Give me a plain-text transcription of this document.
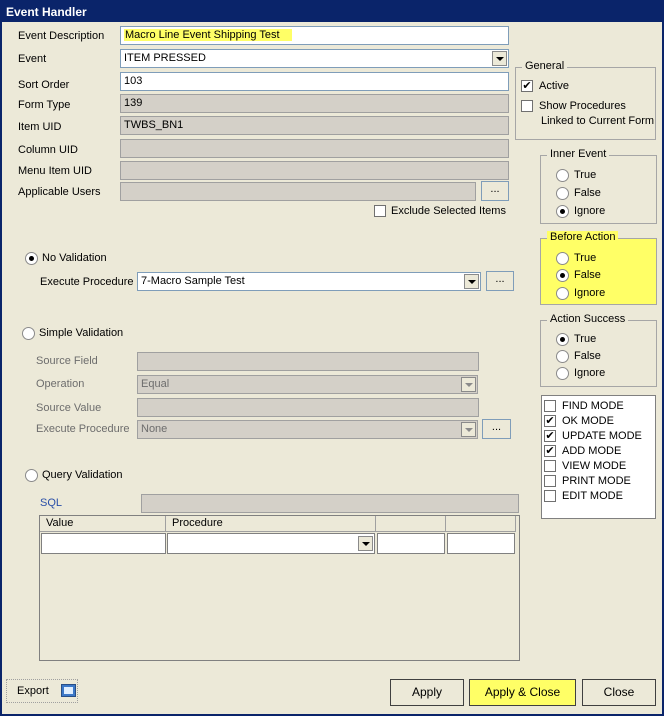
Event Handler
Event Description	Macro Line Event Shipping Test
Event	ITEM PRESSED
Sort Order	103
Form Type	139
Item UID	TWBS_BN1
Column UID
Menu Item UID
Applicable Users	...
Exclude Selected Items
General
✔ Active
Show Procedures
Linked to Current Form
Inner Event
True
False
Ignore
Before Action
True
False
Ignore
Action Success
True
False
Ignore
FIND MODE
✔ OK MODE
✔ UPDATE MODE
✔ ADD MODE
VIEW MODE
PRINT MODE
EDIT MODE
No Validation
Execute Procedure 7-Macro Sample Test	...
Simple Validation
Source Field
Operation	Equal
Source Value
Execute Procedure	None	...
Query Validation
SQL
Value	Procedure
Export	Apply	Apply & Close	Close
